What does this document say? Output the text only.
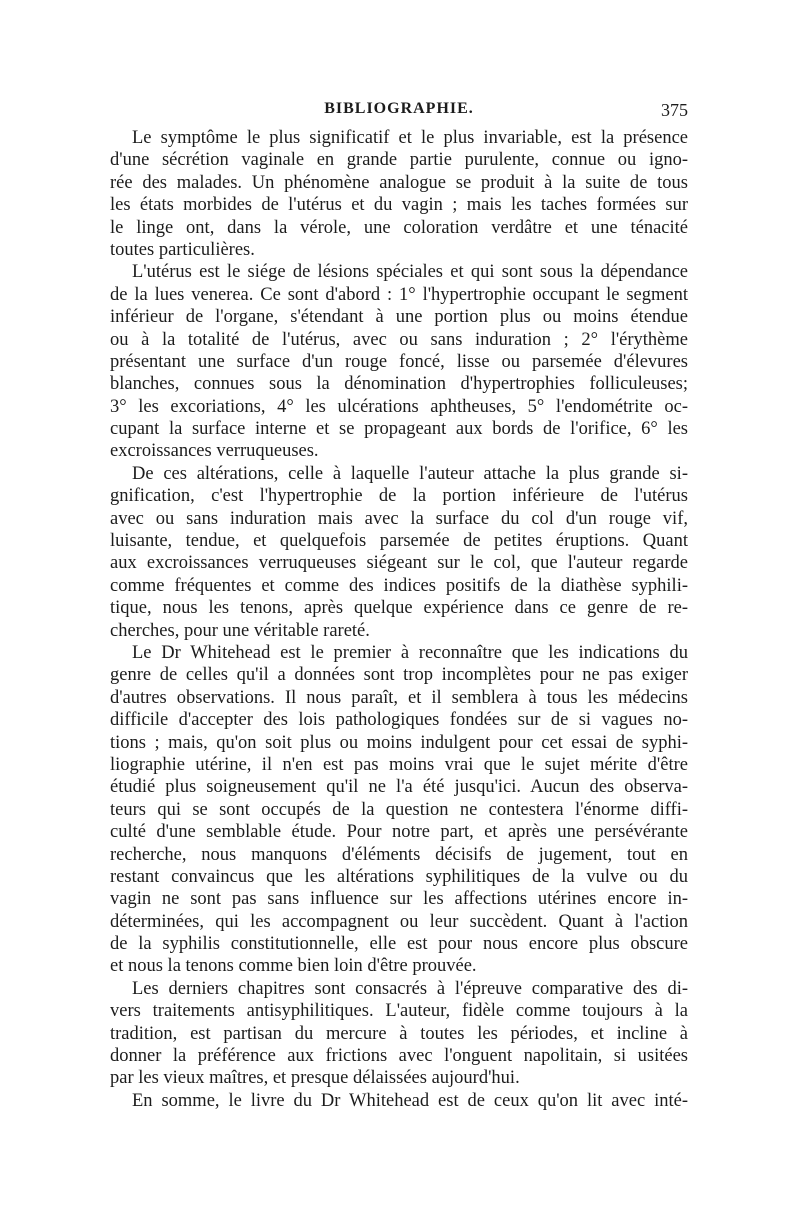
BIBLIOGRAPHIE.	375
Le symptôme le plus significatif et le plus invariable, est la présence
d'une sécrétion vaginale en grande partie purulente, connue ou igno-
rée des malades. Un phénomène analogue se produit à la suite de tous
les états morbides de l'utérus et du vagin ; mais les taches formées sur
le linge ont, dans la vérole, une coloration verdâtre et une ténacité
toutes particulières.
L'utérus est le siége de lésions spéciales et qui sont sous la dépendance
de la lues venerea. Ce sont d'abord : 1° l'hypertrophie occupant le segment
inférieur de l'organe, s'étendant à une portion plus ou moins étendue
ou à la totalité de l'utérus, avec ou sans induration ; 2° l'érythème
présentant une surface d'un rouge foncé, lisse ou parsemée d'élevures
blanches, connues sous la dénomination d'hypertrophies folliculeuses;
3° les excoriations, 4° les ulcérations aphtheuses, 5° l'endométrite oc-
cupant la surface interne et se propageant aux bords de l'orifice, 6° les
excroissances verruqueuses.
De ces altérations, celle à laquelle l'auteur attache la plus grande si-
gnification, c'est l'hypertrophie de la portion inférieure de l'utérus
avec ou sans induration mais avec la surface du col d'un rouge vif,
luisante, tendue, et quelquefois parsemée de petites éruptions. Quant
aux excroissances verruqueuses siégeant sur le col, que l'auteur regarde
comme fréquentes et comme des indices positifs de la diathèse syphili-
tique, nous les tenons, après quelque expérience dans ce genre de re-
cherches, pour une véritable rareté.
Le Dr Whitehead est le premier à reconnaître que les indications du
genre de celles qu'il a données sont trop incomplètes pour ne pas exiger
d'autres observations. Il nous paraît, et il semblera à tous les médecins
difficile d'accepter des lois pathologiques fondées sur de si vagues no-
tions ; mais, qu'on soit plus ou moins indulgent pour cet essai de syphi-
liographie utérine, il n'en est pas moins vrai que le sujet mérite d'être
étudié plus soigneusement qu'il ne l'a été jusqu'ici. Aucun des observa-
teurs qui se sont occupés de la question ne contestera l'énorme diffi-
culté d'une semblable étude. Pour notre part, et après une persévérante
recherche, nous manquons d'éléments décisifs de jugement, tout en
restant convaincus que les altérations syphilitiques de la vulve ou du
vagin ne sont pas sans influence sur les affections utérines encore in-
déterminées, qui les accompagnent ou leur succèdent. Quant à l'action
de la syphilis constitutionnelle, elle est pour nous encore plus obscure
et nous la tenons comme bien loin d'être prouvée.
Les derniers chapitres sont consacrés à l'épreuve comparative des di-
vers traitements antisyphilitiques. L'auteur, fidèle comme toujours à la
tradition, est partisan du mercure à toutes les périodes, et incline à
donner la préférence aux frictions avec l'onguent napolitain, si usitées
par les vieux maîtres, et presque délaissées aujourd'hui.
En somme, le livre du Dr Whitehead est de ceux qu'on lit avec inté-
